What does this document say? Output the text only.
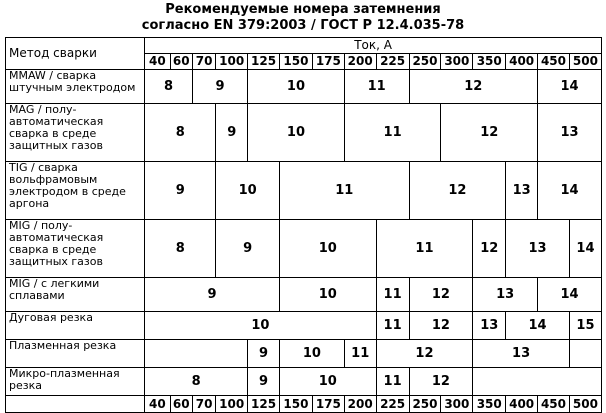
Рекомендуемые номера затемнения
согласно EN 379:2003 / ГОСТ Р 12.4.035-78
Метод сварки	Ток, А														
	40	60	70	100	125	150	175	200	225	250	300	350	400	450	500
MMAW / сварка штучным электродом	8		9		10			11		12				14	
MAG / полу-автоматическая сварка в среде защитных газов	8			9	10			11			12			13	
TIG / сварка вольфрамовым электродом в среде аргона	9			10		11				12			13	14	
MIG / полу-автоматическая сварка в среде защитных газов	8			9		10			11			12	13		14
MIG / с легкими сплавами	9					10			11	12		13		14	
Дуговая резка	10								11	12		13	14		15
Плазменная резка					9	10		11	12			13			
Микро-плазменная резка	8				9	10			11	12					
	40	60	70	100	125	150	175	200	225	250	300	350	400	450	500
